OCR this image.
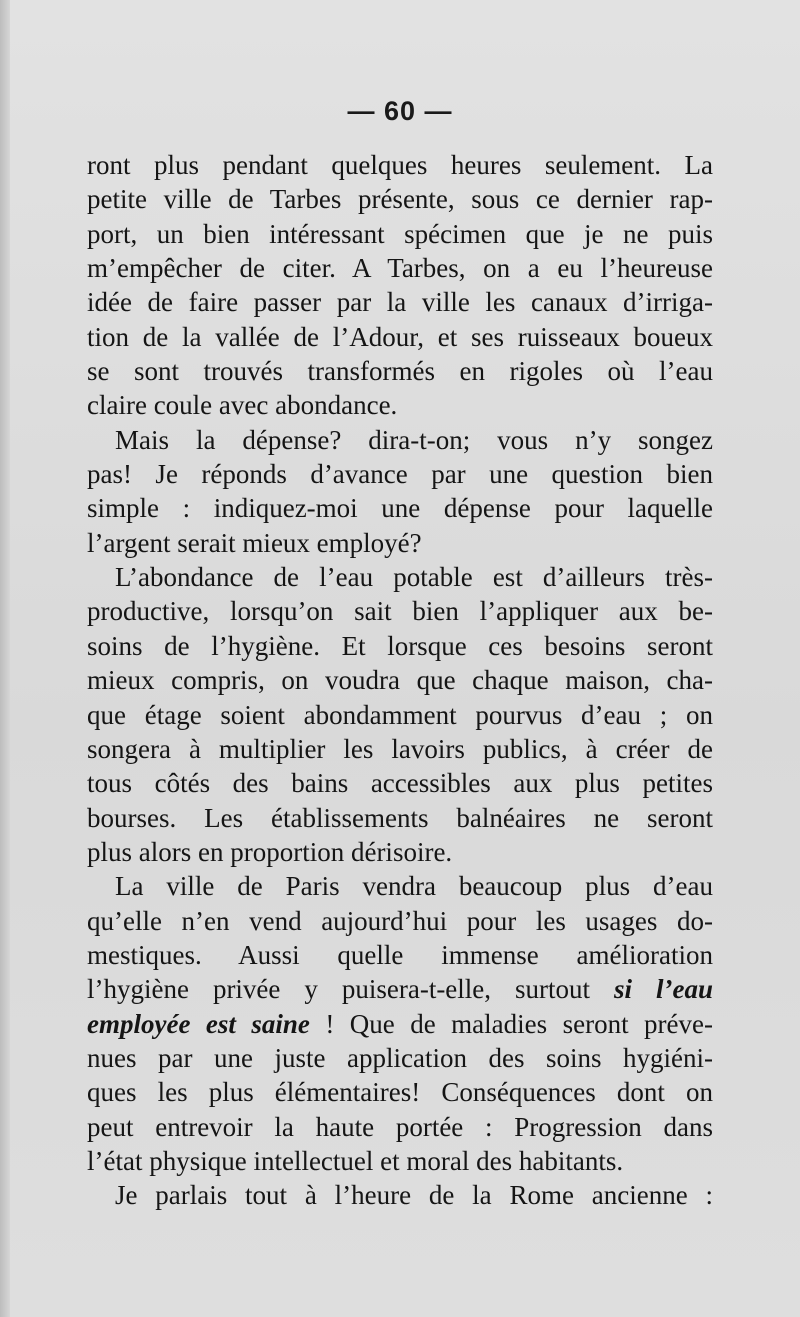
— 60 —
ront plus pendant quelques heures seulement. La
petite ville de Tarbes présente, sous ce dernier rap-
port, un bien intéressant spécimen que je ne puis
m’empêcher de citer. A Tarbes, on a eu l’heureuse
idée de faire passer par la ville les canaux d’irriga-
tion de la vallée de l’Adour, et ses ruisseaux boueux
se sont trouvés transformés en rigoles où l’eau
claire coule avec abondance.
Mais la dépense? dira-t-on; vous n’y songez
pas! Je réponds d’avance par une question bien
simple : indiquez-moi une dépense pour laquelle
l’argent serait mieux employé?
L’abondance de l’eau potable est d’ailleurs très-
productive, lorsqu’on sait bien l’appliquer aux be-
soins de l’hygiène. Et lorsque ces besoins seront
mieux compris, on voudra que chaque maison, cha-
que étage soient abondamment pourvus d’eau ; on
songera à multiplier les lavoirs publics, à créer de
tous côtés des bains accessibles aux plus petites
bourses. Les établissements balnéaires ne seront
plus alors en proportion dérisoire.
La ville de Paris vendra beaucoup plus d’eau
qu’elle n’en vend aujourd’hui pour les usages do-
mestiques. Aussi quelle immense amélioration
l’hygiène privée y puisera-t-elle, surtout si l’eau
employée est saine ! Que de maladies seront préve-
nues par une juste application des soins hygiéni-
ques les plus élémentaires! Conséquences dont on
peut entrevoir la haute portée : Progression dans
l’état physique intellectuel et moral des habitants.
Je parlais tout à l’heure de la Rome ancienne :
